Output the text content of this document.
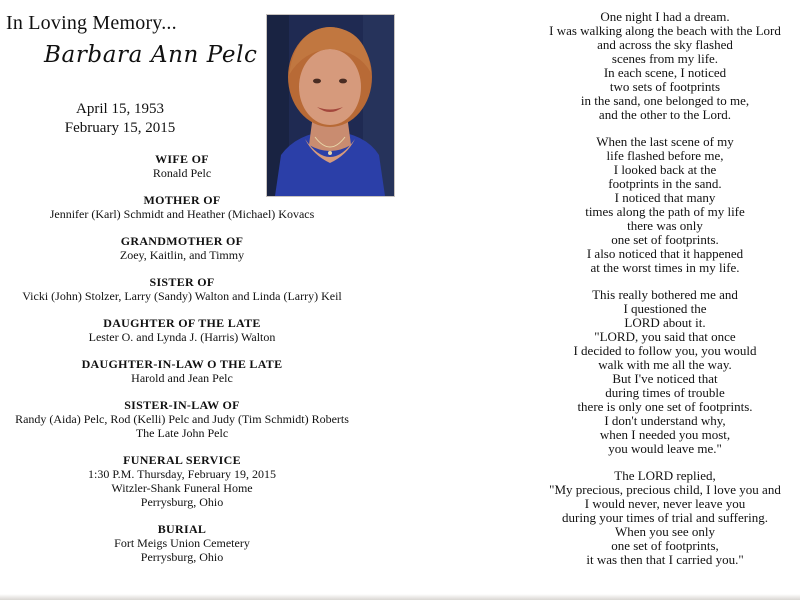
In Loving Memory...
Barbara Ann Pelc
April 15, 1953
February 15, 2015
WIFE OF
Ronald Pelc
MOTHER OF
Jennifer (Karl) Schmidt and Heather (Michael) Kovacs
GRANDMOTHER OF
Zoey, Kaitlin, and Timmy
SISTER OF
Vicki (John) Stolzer, Larry (Sandy) Walton and Linda (Larry) Keil
DAUGHTER OF THE LATE
Lester O. and Lynda J. (Harris) Walton
DAUGHTER-IN-LAW O THE LATE
Harold and Jean Pelc
SISTER-IN-LAW OF
Randy (Aida) Pelc, Rod (Kelli) Pelc and Judy (Tim Schmidt) Roberts
The Late John Pelc
FUNERAL SERVICE
1:30 P.M. Thursday, February 19, 2015
Witzler-Shank Funeral Home
Perrysburg, Ohio
BURIAL
Fort Meigs Union Cemetery
Perrysburg, Ohio
One night I had a dream.
I was walking along the beach with the Lord
and across the sky flashed
scenes from my life.
In each scene, I noticed
two sets of footprints
in the sand, one belonged to me,
and the other to the Lord.
When the last scene of my
life flashed before me,
I looked back at the
footprints in the sand.
I noticed that many
times along the path of my life
there was only
one set of footprints.
I also noticed that it happened
at the worst times in my life.
This really bothered me and
I questioned the
LORD about it.
"LORD, you said that once
I decided to follow you, you would
walk with me all the way.
But I've noticed that
during times of trouble
there is only one set of footprints.
I don't understand why,
when I needed you most,
you would leave me."
The LORD replied,
"My precious, precious child, I love you and
I would never, never leave you
during your times of trial and suffering.
When you see only
one set of footprints,
it was then that I carried you."
